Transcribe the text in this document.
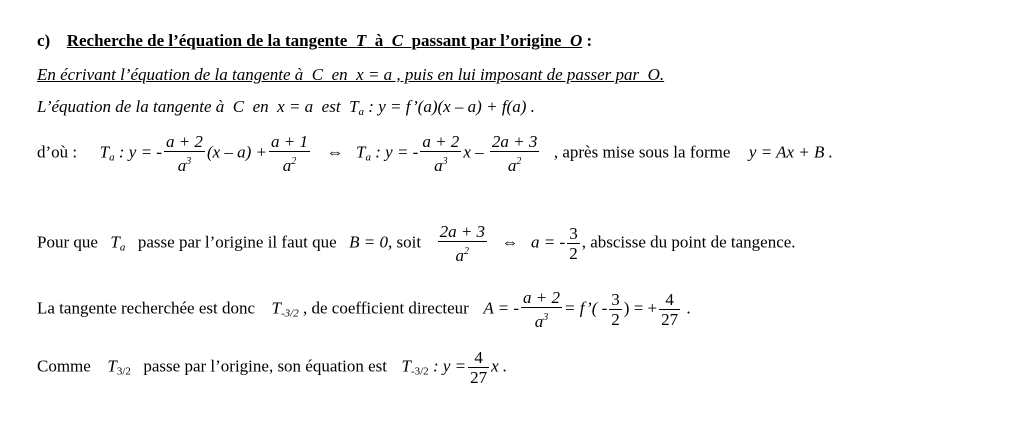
c) Recherche de l’équation de la tangente T à C passant par l’origine O :
En écrivant l’équation de la tangente à  C  en  x = a , puis en lui imposant de passer par  O.
L’équation de la tangente à  C  en  x = a  est  $T_a$ : y = f’(a)(x – a) + f(a) .
d’où : $T_a$ : y = - $\frac{a + 2}{a^3} (x - a) + \frac{a + 1}{a^2}$ ⇔ $T_a$ : y = - $\frac{a + 2}{a^3}$ x – $\frac{2a + 3}{a^2}$ , après mise sous la forme y = Ax + B .
Pour que $T_a$ passe par l’origine il faut que B = 0, soit $\frac{2a + 3}{a^2}$ ⇔ a = - $\frac{3}{2}$ , abscisse du point de tangence.
La tangente recherchée est donc $T_{-3/2}$ , de coefficient directeur A = - $\frac{a + 2}{a^3}$ = f’( - $\frac{3}{2}$ ) = + $\frac{4}{27}$ .
Comme $T_{3/2}$ passe par l’origine, son équation est $T_{-3/2}$ : $y = \frac{4}{27}$ x .
